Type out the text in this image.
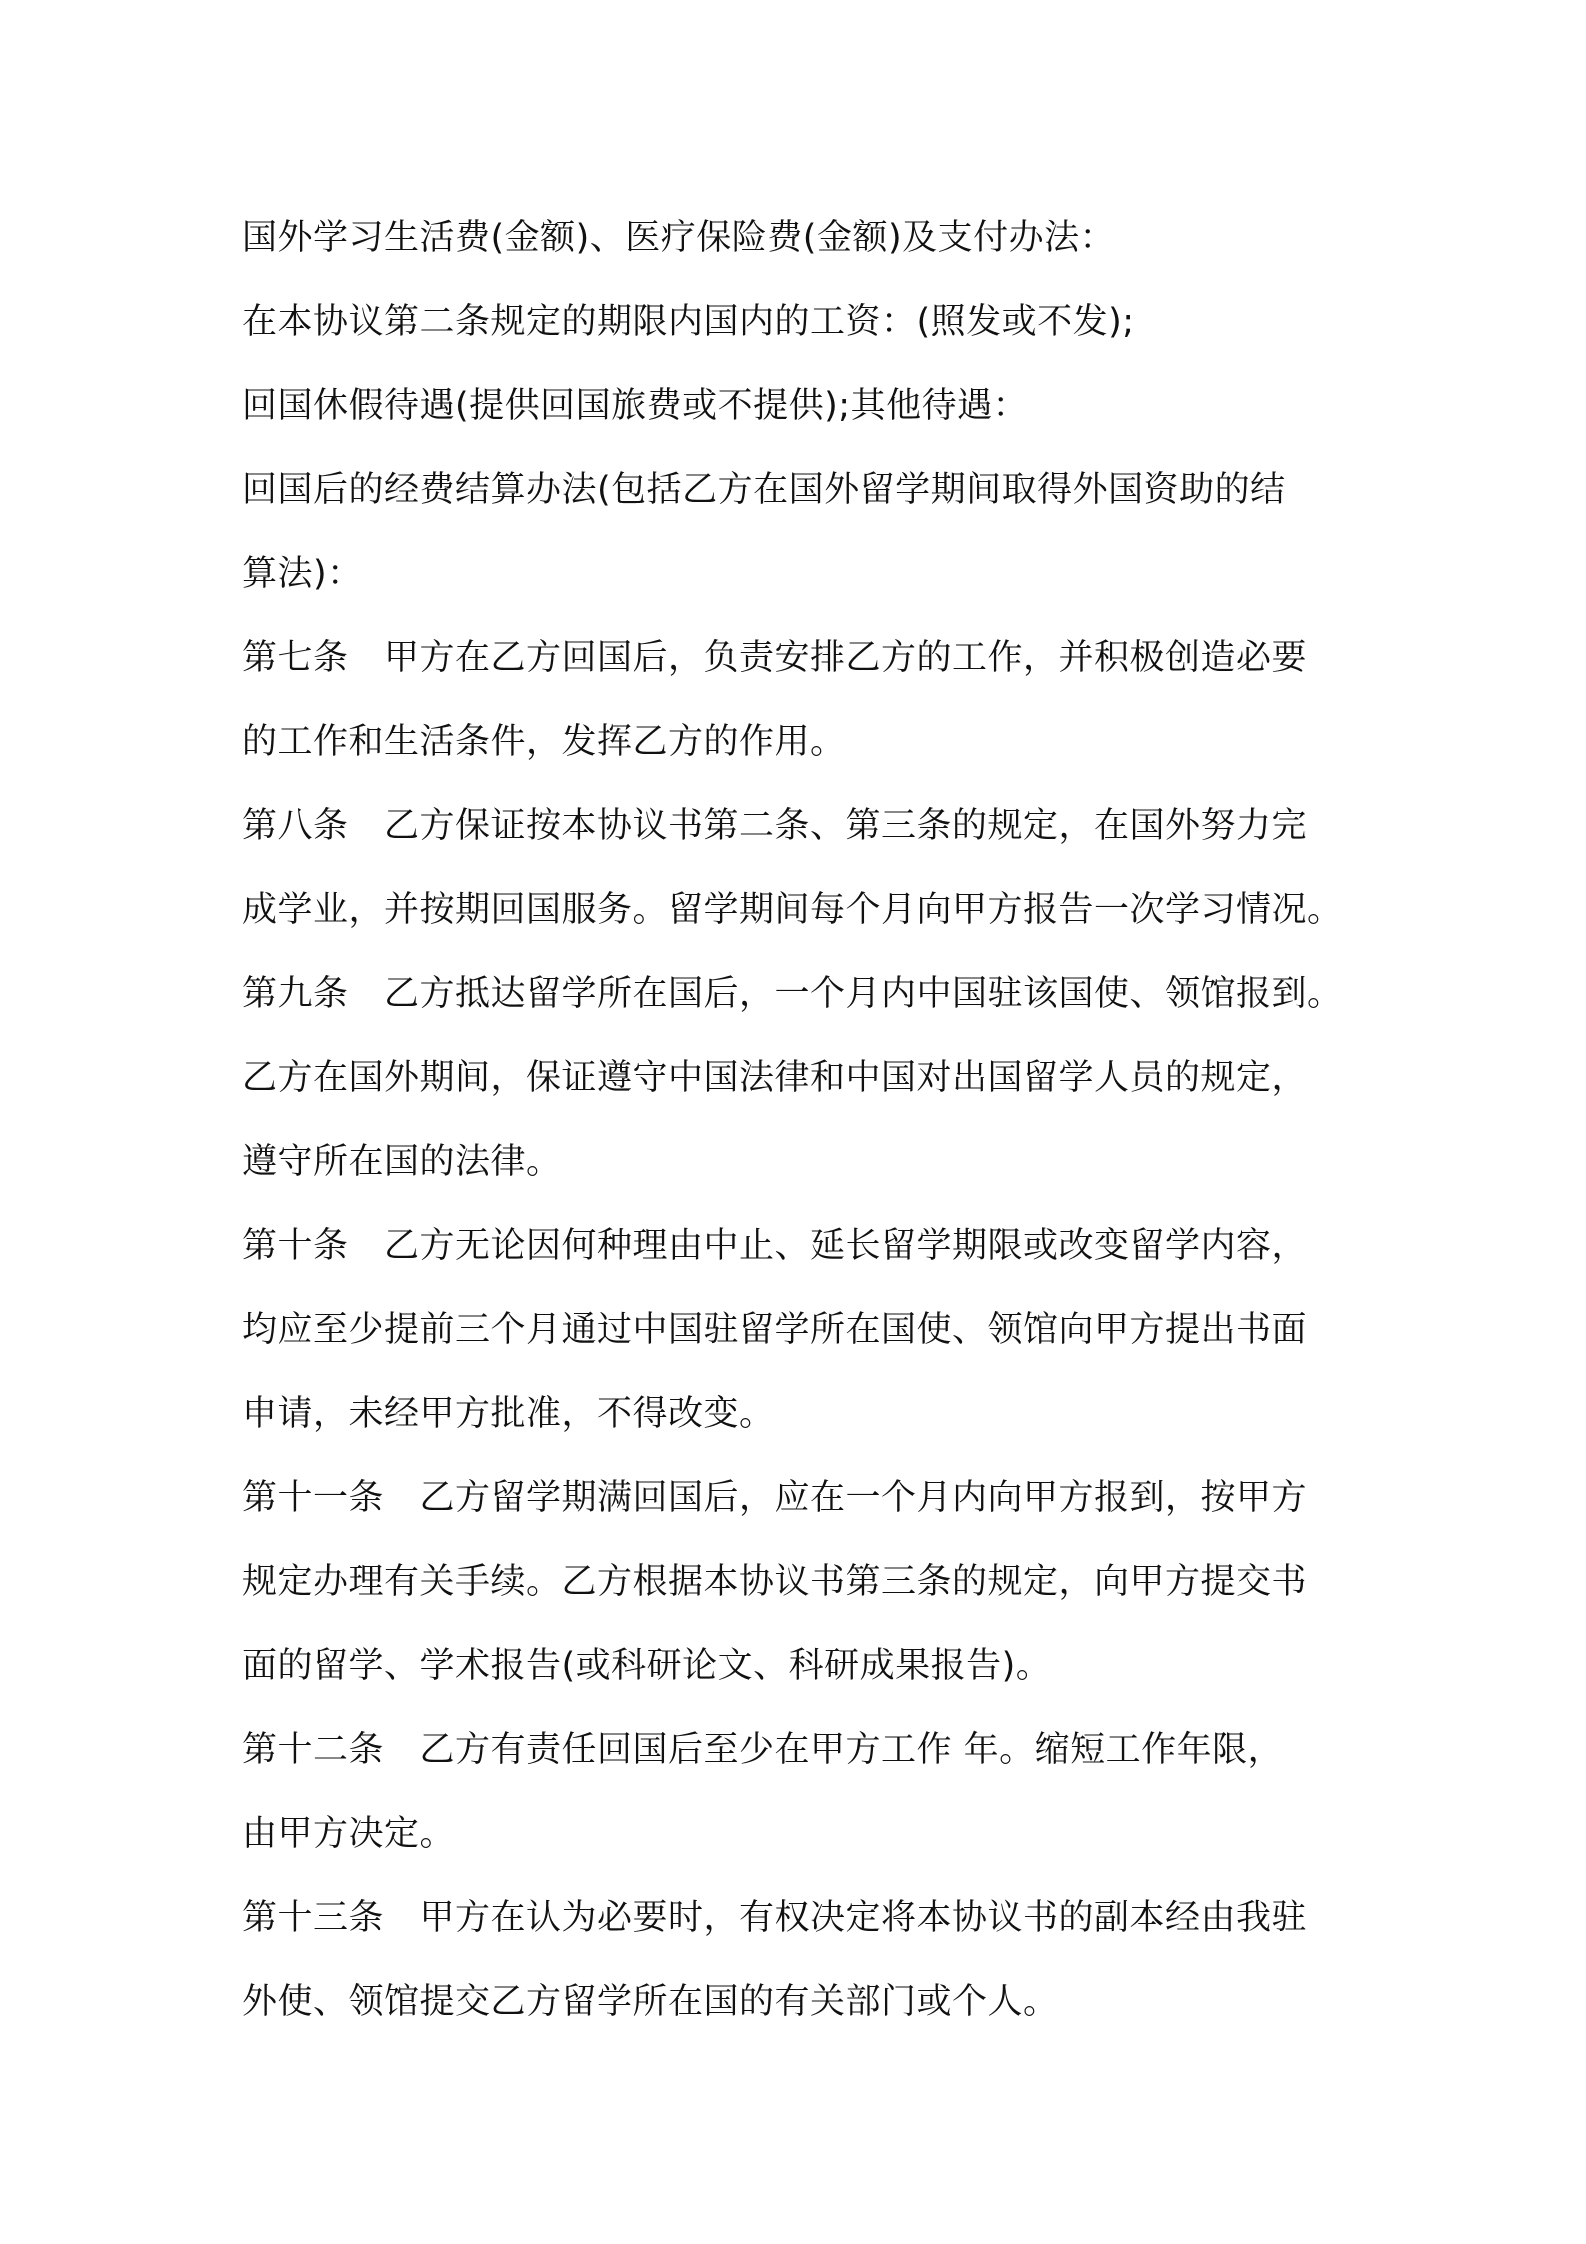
国外学习生活费(金额)、医疗保险费(金额)及支付办法：
在本协议第二条规定的期限内国内的工资：(照发或不发);
回国休假待遇(提供回国旅费或不提供);其他待遇：
回国后的经费结算办法(包括乙方在国外留学期间取得外国资助的结
算法)：
第七条　甲方在乙方回国后，负责安排乙方的工作，并积极创造必要
的工作和生活条件，发挥乙方的作用。
第八条　乙方保证按本协议书第二条、第三条的规定，在国外努力完
成学业，并按期回国服务。留学期间每个月向甲方报告一次学习情况。
第九条　乙方抵达留学所在国后，一个月内中国驻该国使、领馆报到。
乙方在国外期间，保证遵守中国法律和中国对出国留学人员的规定，
遵守所在国的法律。
第十条　乙方无论因何种理由中止、延长留学期限或改变留学内容，
均应至少提前三个月通过中国驻留学所在国使、领馆向甲方提出书面
申请，未经甲方批准，不得改变。
第十一条　乙方留学期满回国后，应在一个月内向甲方报到，按甲方
规定办理有关手续。乙方根据本协议书第三条的规定，向甲方提交书
面的留学、学术报告(或科研论文、科研成果报告)。
第十二条　乙方有责任回国后至少在甲方工作 年。缩短工作年限，
由甲方决定。
第十三条　甲方在认为必要时，有权决定将本协议书的副本经由我驻
外使、领馆提交乙方留学所在国的有关部门或个人。
